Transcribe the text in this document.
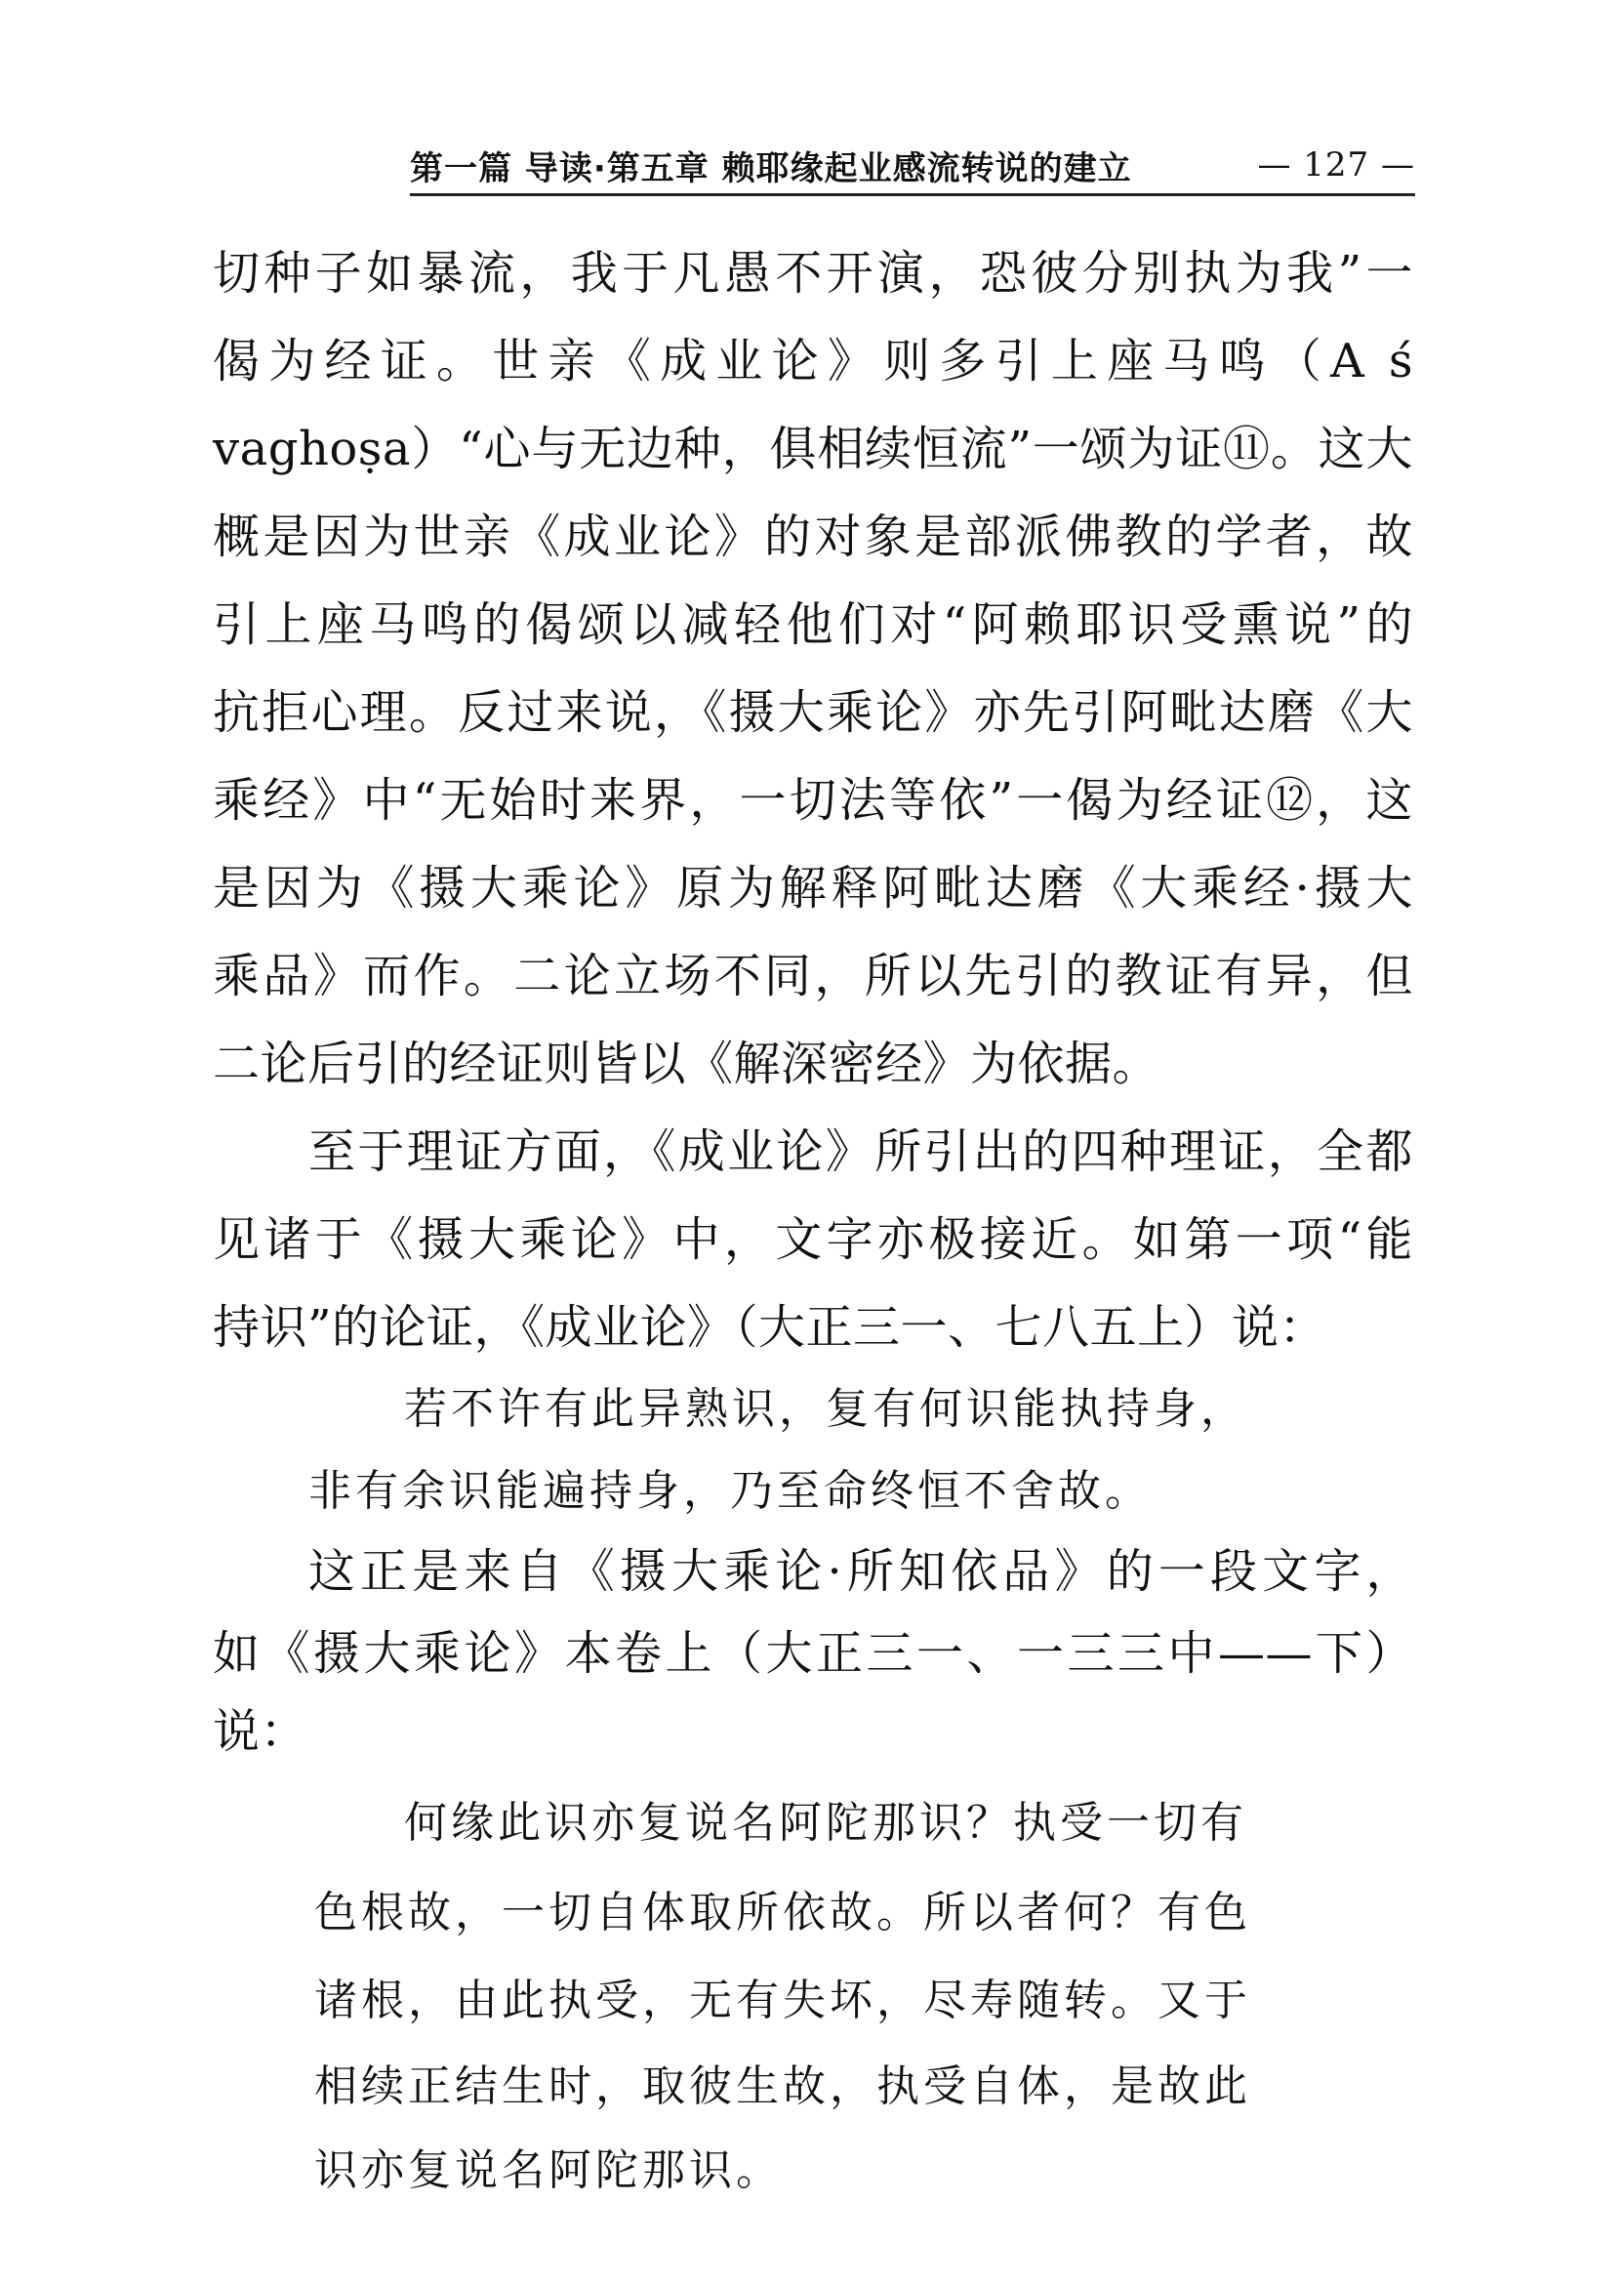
第一篇 导读·第五章 赖耶缘起业感流转说的建立	— 127 —
切种子如暴流，我于凡愚不开演，恐彼分别执为我”一
偈为经证。世亲《成业论》则多引上座马鸣（A ś
vaghoṣa）“心与无边种，俱相续恒流”一颂为证⑪。这大
概是因为世亲《成业论》的对象是部派佛教的学者，故
引上座马鸣的偈颂以减轻他们对“阿赖耶识受熏说”的
抗拒心理。反过来说，《摄大乘论》亦先引阿毗达磨《大
乘经》中“无始时来界，一切法等依”一偈为经证⑫，这
是因为《摄大乘论》原为解释阿毗达磨《大乘经·摄大
乘品》而作。二论立场不同，所以先引的教证有异，但
二论后引的经证则皆以《解深密经》为依据。
至于理证方面，《成业论》所引出的四种理证，全都
见诸于《摄大乘论》中，文字亦极接近。如第一项“能
持识”的论证，《成业论》（大正三一、七八五上）说：
若不许有此异熟识，复有何识能执持身，
非有余识能遍持身，乃至命终恒不舍故。
这正是来自《摄大乘论·所知依品》的一段文字，
如《摄大乘论》本卷上（大正三一、一三三中——下）
说：
何缘此识亦复说名阿陀那识？执受一切有
色根故，一切自体取所依故。所以者何？有色
诸根，由此执受，无有失坏，尽寿随转。又于
相续正结生时，取彼生故，执受自体，是故此
识亦复说名阿陀那识。
